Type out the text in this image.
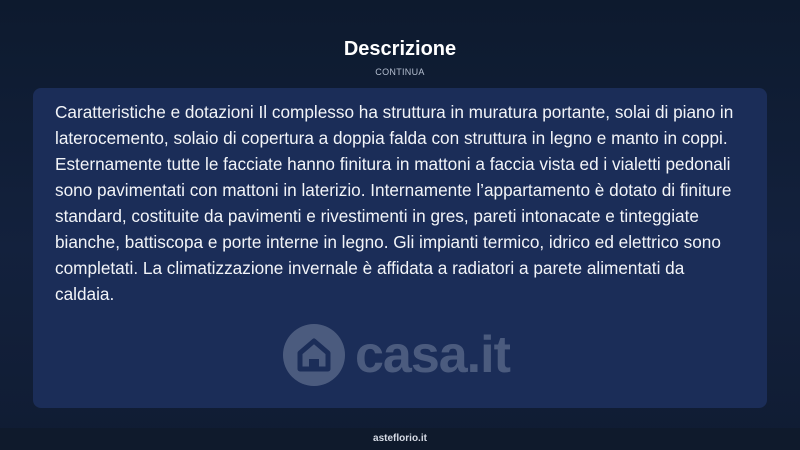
Descrizione
CONTINUA

Caratteristiche e dotazioni Il complesso ha struttura in muratura portante, solai di piano in laterocemento, solaio di copertura a doppia falda con struttura in legno e manto in coppi. Esternamente tutte le facciate hanno finitura in mattoni a faccia vista ed i vialetti pedonali sono pavimentati con mattoni in laterizio. Internamente l’appartamento è dotato di finiture standard, costituite da pavimenti e rivestimenti in gres, pareti intonacate e tinteggiate bianche, battiscopa e porte interne in legno. Gli impianti termico, idrico ed elettrico sono completati. La climatizzazione invernale è affidata a radiatori a parete alimentati da caldaia.

casa.it
asteflorio.it
